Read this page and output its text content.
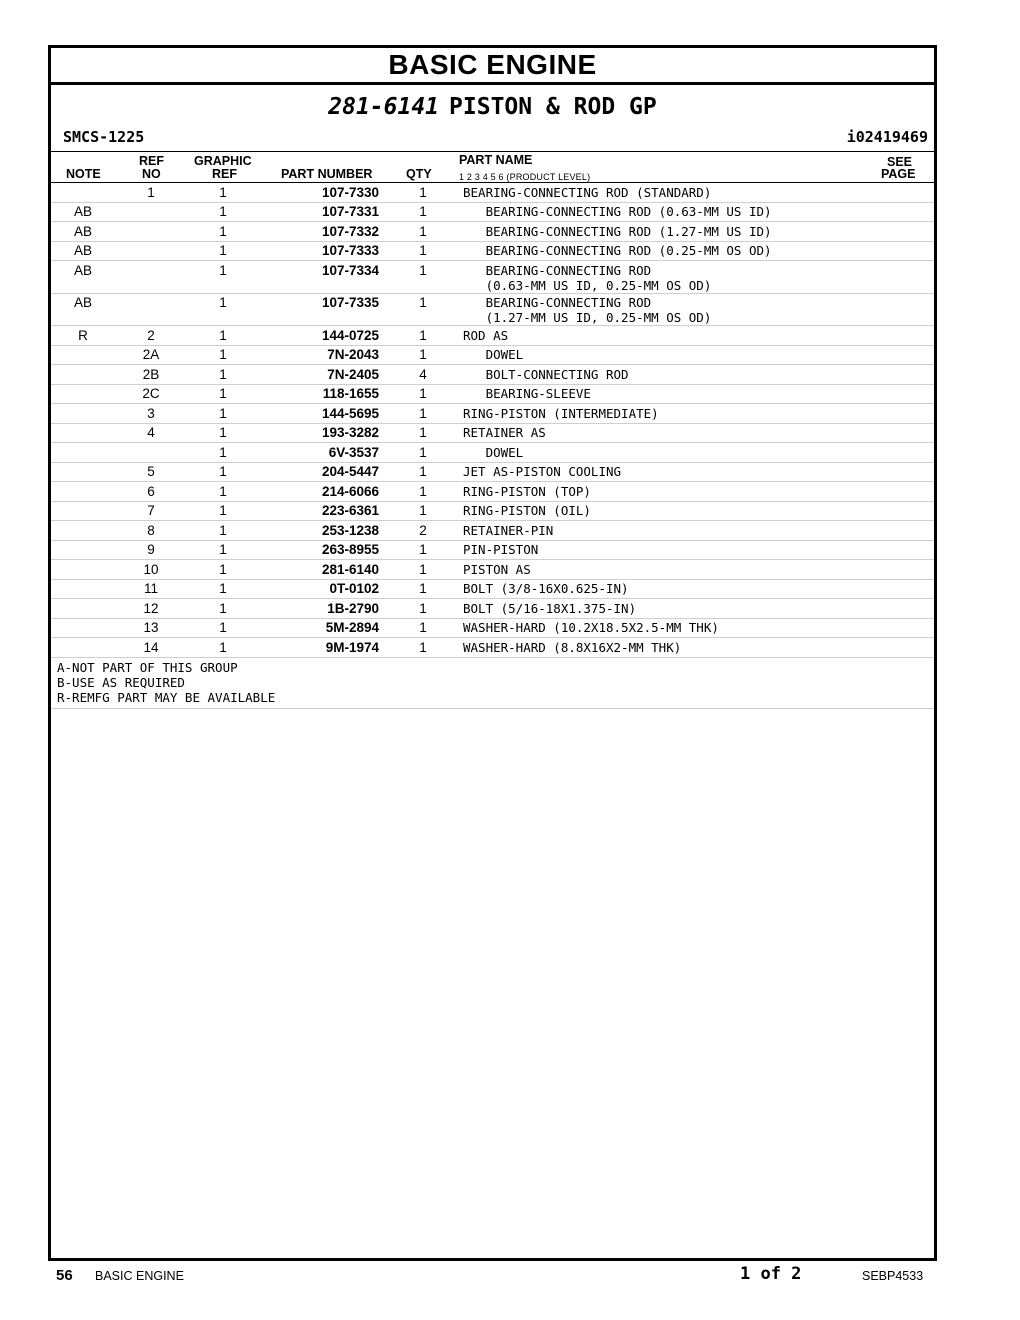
BASIC ENGINE
281-6141 PISTON & ROD GP
SMCS-1225	i02419469
NOTE
REF
NO
GRAPHIC
REF	PART NUMBER	QTY
PART NAME
1 2 3 4 5 6 (PRODUCT LEVEL)
SEE
PAGE
	1	1	107-7330	1	BEARING-CONNECTING ROD (STANDARD)	
AB		1	107-7331	1	BEARING-CONNECTING ROD (0.63-MM US ID)	
AB		1	107-7332	1	BEARING-CONNECTING ROD (1.27-MM US ID)	
AB		1	107-7333	1	BEARING-CONNECTING ROD (0.25-MM OS OD)	
AB		1	107-7334	1	BEARING-CONNECTING ROD
(0.63-MM US ID, 0.25-MM OS OD)	
AB		1	107-7335	1	BEARING-CONNECTING ROD
(1.27-MM US ID, 0.25-MM OS OD)	
R	2	1	144-0725	1	ROD AS	
	2A	1	7N-2043	1	DOWEL	
	2B	1	7N-2405	4	BOLT-CONNECTING ROD	
	2C	1	118-1655	1	BEARING-SLEEVE	
	3	1	144-5695	1	RING-PISTON (INTERMEDIATE)	
	4	1	193-3282	1	RETAINER AS	
		1	6V-3537	1	DOWEL	
	5	1	204-5447	1	JET AS-PISTON COOLING	
	6	1	214-6066	1	RING-PISTON (TOP)	
	7	1	223-6361	1	RING-PISTON (OIL)	
	8	1	253-1238	2	RETAINER-PIN	
	9	1	263-8955	1	PIN-PISTON	
	10	1	281-6140	1	PISTON AS	
	11	1	0T-0102	1	BOLT (3/8-16X0.625-IN)	
	12	1	1B-2790	1	BOLT (5/16-18X1.375-IN)	
	13	1	5M-2894	1	WASHER-HARD (10.2X18.5X2.5-MM THK)	
	14	1	9M-1974	1	WASHER-HARD (8.8X16X2-MM THK)	
A-NOT PART OF THIS GROUP
B-USE AS REQUIRED
R-REMFG PART MAY BE AVAILABLE
56 BASIC ENGINE	1 of 2	SEBP4533
